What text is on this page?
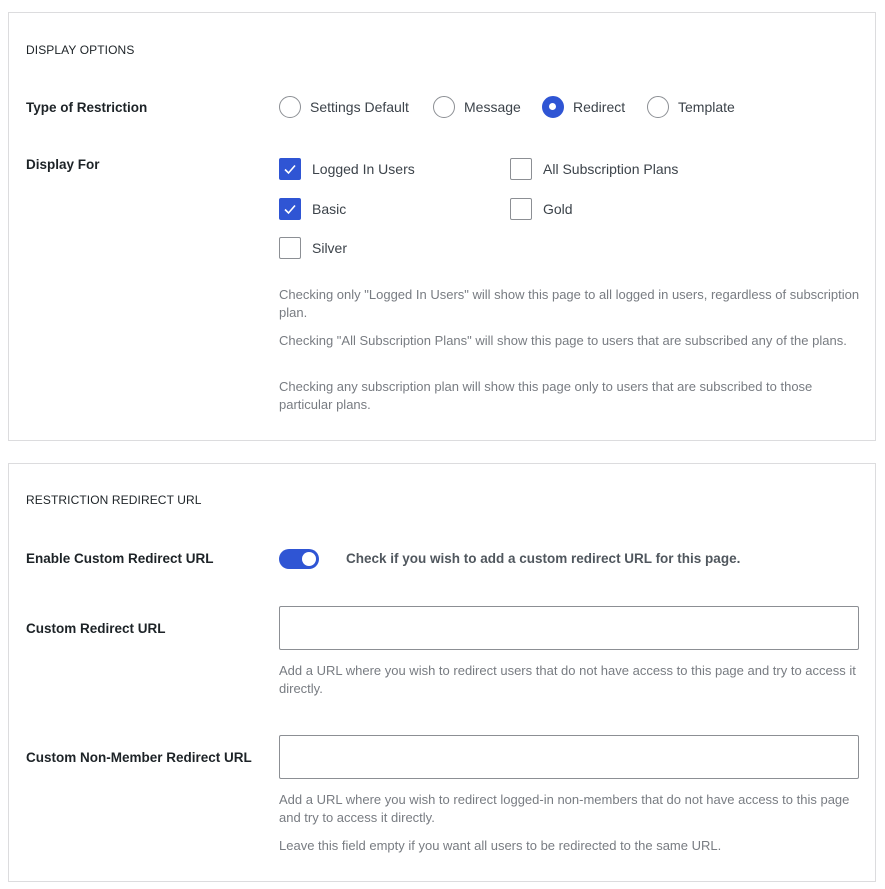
DISPLAY OPTIONS
Type of Restriction	Settings Default	Message	Redirect	Template
Display For	Logged In Users	All Subscription Plans
Basic	Gold
Silver
Checking only "Logged In Users" will show this page to all logged in users, regardless of subscription plan.
Checking "All Subscription Plans" will show this page to users that are subscribed any of the plans.
Checking any subscription plan will show this page only to users that are subscribed to those particular plans.
RESTRICTION REDIRECT URL
Enable Custom Redirect URL	Check if you wish to add a custom redirect URL for this page.
Custom Redirect URL
Add a URL where you wish to redirect users that do not have access to this page and try to access it directly.
Custom Non-Member Redirect URL
Add a URL where you wish to redirect logged-in non-members that do not have access to this page and try to access it directly.
Leave this field empty if you want all users to be redirected to the same URL.
